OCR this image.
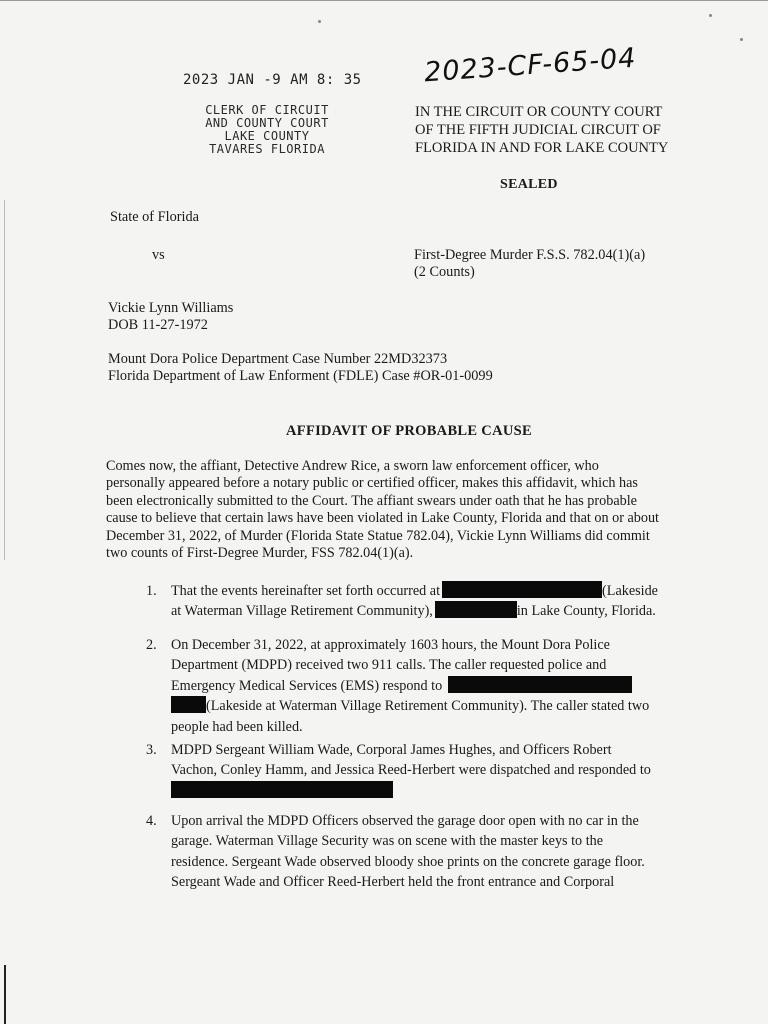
2023 JAN -9 AM 8: 35
CLERK OF CIRCUIT
AND COUNTY COURT
LAKE COUNTY
TAVARES FLORIDA
2023-CF-65-04
IN THE CIRCUIT OR COUNTY COURT
OF THE FIFTH JUDICIAL CIRCUIT OF
FLORIDA IN AND FOR LAKE COUNTY
SEALED
State of Florida
vs	First-Degree Murder F.S.S. 782.04(1)(a)
(2 Counts)
Vickie Lynn Williams
DOB 11-27-1972
Mount Dora Police Department Case Number 22MD32373
Florida Department of Law Enforment (FDLE) Case #OR-01-0099
AFFIDAVIT OF PROBABLE CAUSE
Comes now, the affiant, Detective Andrew Rice, a sworn law enforcement officer, who
personally appeared before a notary public or certified officer, makes this affidavit, which has
been electronically submitted to the Court. The affiant swears under oath that he has probable
cause to believe that certain laws have been violated in Lake County, Florida and that on or about
December 31, 2022, of Murder (Florida State Statue 782.04), Vickie Lynn Williams did commit
two counts of First-Degree Murder, FSS 782.04(1)(a).
1. That the events hereinafter set forth occurred at	(Lakeside
at Waterman Village Retirement Community),	in Lake County, Florida.
2. On December 31, 2022, at approximately 1603 hours, the Mount Dora Police
Department (MDPD) received two 911 calls. The caller requested police and
Emergency Medical Services (EMS) respond to
(Lakeside at Waterman Village Retirement Community). The caller stated two
people had been killed.
3. MDPD Sergeant William Wade, Corporal James Hughes, and Officers Robert
Vachon, Conley Hamm, and Jessica Reed-Herbert were dispatched and responded to
4. Upon arrival the MDPD Officers observed the garage door open with no car in the
garage. Waterman Village Security was on scene with the master keys to the
residence. Sergeant Wade observed bloody shoe prints on the concrete garage floor.
Sergeant Wade and Officer Reed-Herbert held the front entrance and Corporal
